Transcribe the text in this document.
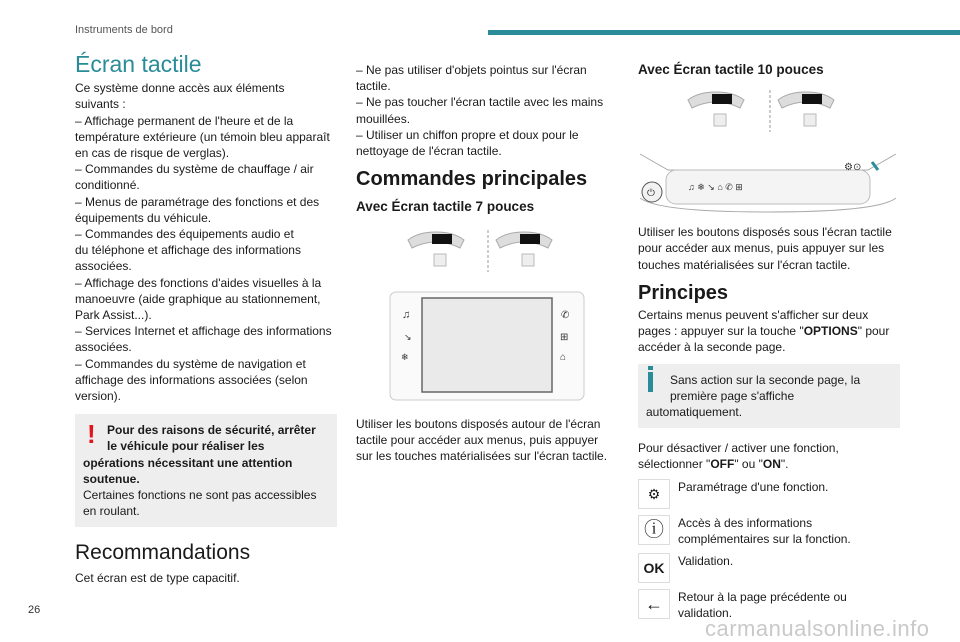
Instruments de bord
Écran tactile
Ce système donne accès aux éléments
suivants :
– Affichage permanent de l'heure et de la
température extérieure (un témoin bleu apparaît
en cas de risque de verglas).
– Commandes du système de chauffage / air
conditionné.
– Menus de paramétrage des fonctions et des
équipements du véhicule.
– Commandes des équipements audio et
du téléphone et affichage des informations
associées.
– Affichage des fonctions d'aides visuelles à la
manoeuvre (aide graphique au stationnement,
Park Assist...).
– Services Internet et affichage des informations
associées.
– Commandes du système de navigation et
affichage des informations associées (selon
version).
! Pour des raisons de sécurité, arrêter
le véhicule pour réaliser les
opérations nécessitant une attention
soutenue.
Certaines fonctions ne sont pas accessibles
en roulant.
Recommandations
Cet écran est de type capacitif.
– Ne pas utiliser d'objets pointus sur l'écran
tactile.
– Ne pas toucher l'écran tactile avec les mains
mouillées.
– Utiliser un chiffon propre et doux pour le
nettoyage de l'écran tactile.
Commandes principales
Avec Écran tactile 7 pouces
♫
↘
❄
✆
⊞
⌂
Utiliser les boutons disposés autour de l'écran
tactile pour accéder aux menus, puis appuyer
sur les touches matérialisées sur l'écran tactile.
Avec Écran tactile 10 pouces
⏻
♫ ❄ ↘ ⌂ ✆ ⊞
⚙⊙
Utiliser les boutons disposés sous l'écran tactile
pour accéder aux menus, puis appuyer sur les
touches matérialisées sur l'écran tactile.
Principes
Certains menus peuvent s'afficher sur deux
pages : appuyer sur la touche "OPTIONS" pour
accéder à la seconde page.
Sans action sur la seconde page, la
première page s'affiche
automatiquement.
Pour désactiver / activer une fonction,
sélectionner "OFF" ou "ON".
⚙	Paramétrage d'une fonction.
ⓘ	Accès à des informations
complémentaires sur la fonction.
OK	Validation.
←	Retour à la page précédente ou
validation.
26
carmanualsonline.info
